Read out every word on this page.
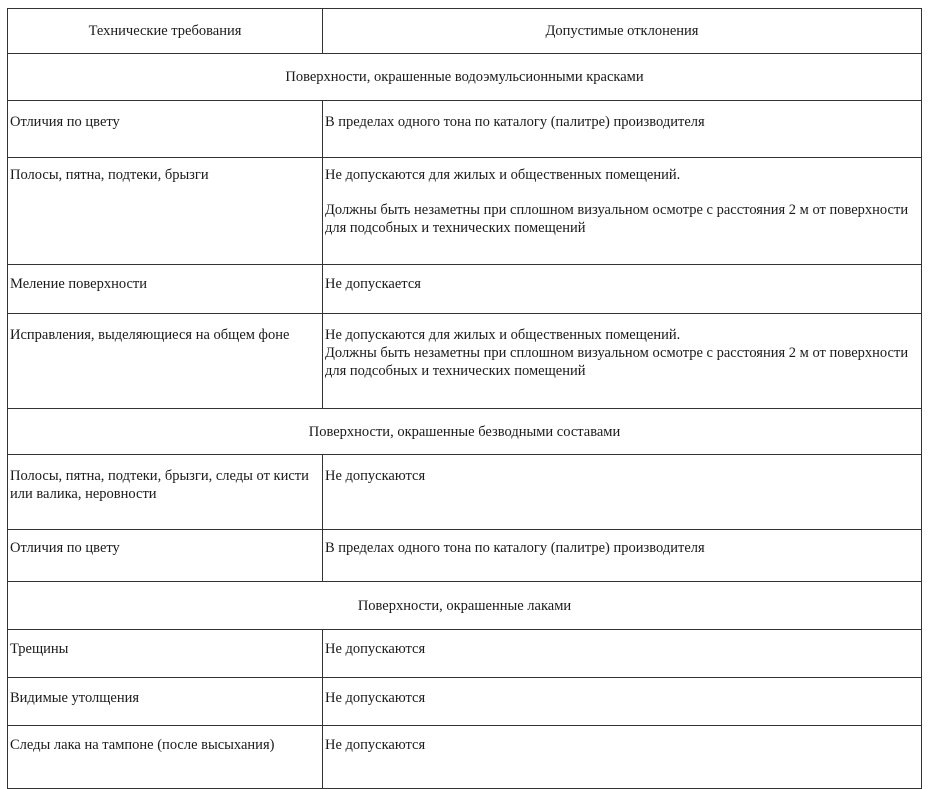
Технические требования	Допустимые отклонения
Поверхности, окрашенные водоэмульсионными красками	
Отличия по цвету	В пределах одного тона по каталогу (палитре) производителя

Полосы, пятна, подтеки, брызги	Не допускаются для жилых и общественных помещений.

Должны быть незаметны при сплошном визуальном осмотре с расстояния 2 м от поверхности для подсобных и технических помещений

Меление поверхности	Не допускается

Исправления, выделяющиеся на общем фоне	Не допускаются для жилых и общественных помещений.

Должны быть незаметны при сплошном визуальном осмотре с расстояния 2 м от поверхности для подсобных и технических помещений

Поверхности, окрашенные безводными составами	
Полосы, пятна, подтеки, брызги, следы от кисти или валика, неровности	Не допускаются

Отличия по цвету	В пределах одного тона по каталогу (палитре) производителя

Поверхности, окрашенные лаками	
Трещины	Не допускаются

Видимые утолщения	Не допускаются

Следы лака на тампоне (после высыхания)	Не допускаются
